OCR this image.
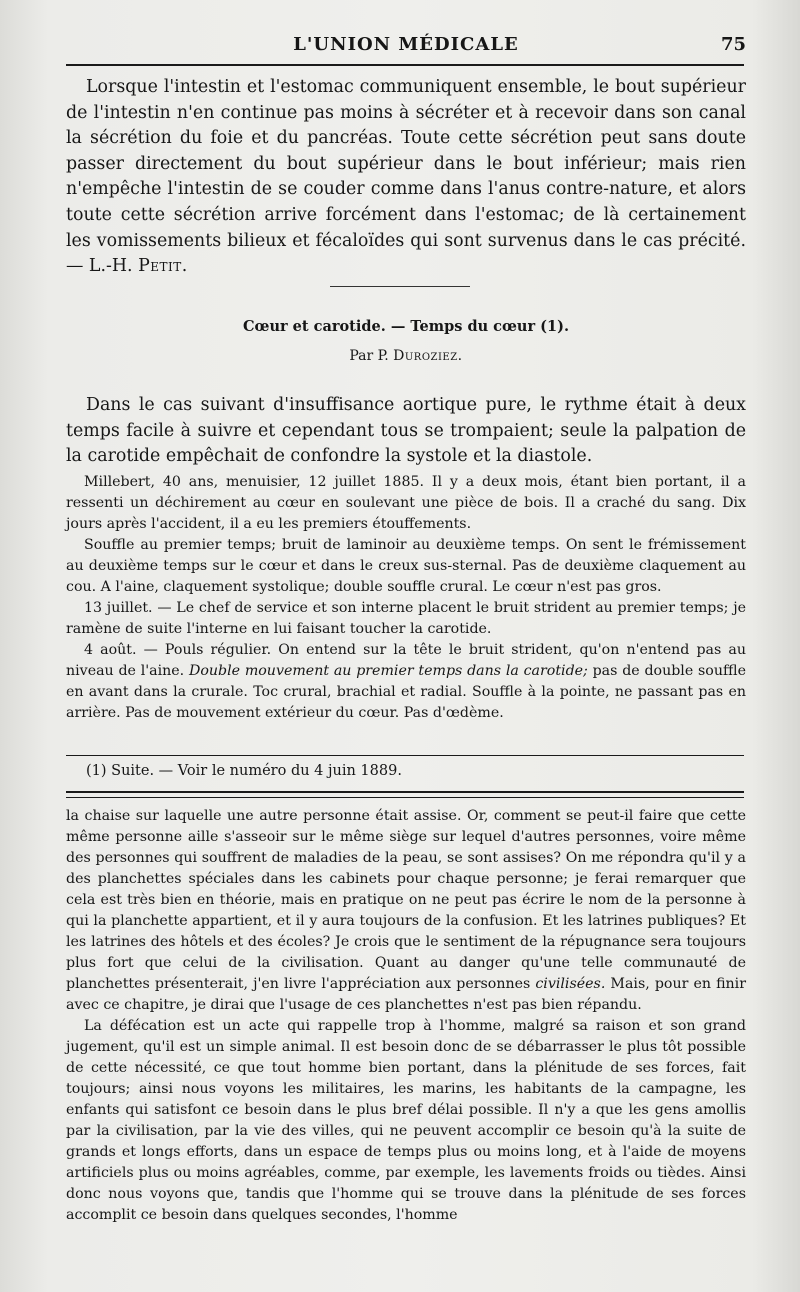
L'UNION MÉDICALE	75

Lorsque l'intestin et l'estomac communiquent ensemble, le bout supérieur de l'intestin n'en continue pas moins à sécréter et à recevoir dans son canal la sécrétion du foie et du pancréas. Toute cette sécrétion peut sans doute passer directement du bout supérieur dans le bout inférieur; mais rien n'empêche l'intestin de se couder comme dans l'anus contre-nature, et alors toute cette sécrétion arrive forcément dans l'estomac; de là certainement les vomissements bilieux et fécaloïdes qui sont survenus dans le cas précité. — L.-H. Petit.

Cœur et carotide. — Temps du cœur (1).

Par P. Duroziez.

Dans le cas suivant d'insuffisance aortique pure, le rythme était à deux temps facile à suivre et cependant tous se trompaient; seule la palpation de la carotide empêchait de confondre la systole et la diastole.

Millebert, 40 ans, menuisier, 12 juillet 1885. Il y a deux mois, étant bien portant, il a ressenti un déchirement au cœur en soulevant une pièce de bois. Il a craché du sang. Dix jours après l'accident, il a eu les premiers étouffements.

Souffle au premier temps; bruit de laminoir au deuxième temps. On sent le frémissement au deuxième temps sur le cœur et dans le creux sus-sternal. Pas de deuxième claquement au cou. A l'aine, claquement systolique; double souffle crural. Le cœur n'est pas gros.

13 juillet. — Le chef de service et son interne placent le bruit strident au premier temps; je ramène de suite l'interne en lui faisant toucher la carotide.

4 août. — Pouls régulier. On entend sur la tête le bruit strident, qu'on n'entend pas au niveau de l'aine. Double mouvement au premier temps dans la carotide; pas de double souffle en avant dans la crurale. Toc crural, brachial et radial. Souffle à la pointe, ne passant pas en arrière. Pas de mouvement extérieur du cœur. Pas d'œdème.

(1) Suite. — Voir le numéro du 4 juin 1889.

la chaise sur laquelle une autre personne était assise. Or, comment se peut-il faire que cette même personne aille s'asseoir sur le même siège sur lequel d'autres personnes, voire même des personnes qui souffrent de maladies de la peau, se sont assises? On me répondra qu'il y a des planchettes spéciales dans les cabinets pour chaque personne; je ferai remarquer que cela est très bien en théorie, mais en pratique on ne peut pas écrire le nom de la personne à qui la planchette appartient, et il y aura toujours de la confusion. Et les latrines publiques? Et les latrines des hôtels et des écoles? Je crois que le sentiment de la répugnance sera toujours plus fort que celui de la civilisation. Quant au danger qu'une telle communauté de planchettes présenterait, j'en livre l'appréciation aux personnes civilisées. Mais, pour en finir avec ce chapitre, je dirai que l'usage de ces planchettes n'est pas bien répandu.

La défécation est un acte qui rappelle trop à l'homme, malgré sa raison et son grand jugement, qu'il est un simple animal. Il est besoin donc de se débarrasser le plus tôt possible de cette nécessité, ce que tout homme bien portant, dans la plénitude de ses forces, fait toujours; ainsi nous voyons les militaires, les marins, les habitants de la campagne, les enfants qui satisfont ce besoin dans le plus bref délai possible. Il n'y a que les gens amollis par la civilisation, par la vie des villes, qui ne peuvent accomplir ce besoin qu'à la suite de grands et longs efforts, dans un espace de temps plus ou moins long, et à l'aide de moyens artificiels plus ou moins agréables, comme, par exemple, les lavements froids ou tièdes. Ainsi donc nous voyons que, tandis que l'homme qui se trouve dans la plénitude de ses forces accomplit ce besoin dans quelques secondes, l'homme
